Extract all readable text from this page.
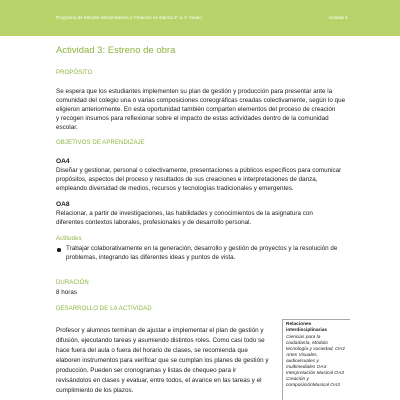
Programa de Estudio Interpretación y Creación en Danza 3° a 4° medio	Unidad 4
Actividad 3: Estreno de obra
PROPÓSITO
Se espera que los estudiantes implementen su plan de gestión y producción para presentar ante la
comunidad del colegio una o varias composiciones coreográficas creadas colectivamente, según lo que
eligieron anteriormente. En esta oportunidad también comparten elementos del proceso de creación
y recogen insumos para reflexionar sobre el impacto de estas actividades dentro de la comunidad
escolar.
OBJETIVOS DE APRENDIZAJE
OA4
Diseñar y gestionar, personal o colectivamente, presentaciones a públicos específicos para comunicar
propósitos, aspectos del proceso y resultados de sus creaciones e interpretaciones de danza,
empleando diversidad de medios, recursos y tecnologías tradicionales y emergentes.
OA8
Relacionar, a partir de investigaciones, las habilidades y conocimientos de la asignatura con
diferentes contextos laborales, profesionales y de desarrollo personal.
Actitudes
Trabajar colaborativamente en la generación, desarrollo y gestión de proyectos y la resolución de
problemas, integrando las diferentes ideas y puntos de vista.
DURACIÓN
8 horas
DESARROLLO DE LA ACTIVIDAD
Profesor y alumnos terminan de ajustar e implementar el plan de gestión y
difusión, ejecutando tareas y asumiendo distintos roles. Como casi todo se
hace fuera del aula o fuera del horario de clases, se recomienda que
elaboren instrumentos para verificar que se cumplan los planes de gestión y
producción. Pueden ser cronogramas y listas de chequeo para ir
revisándolos en clases y evaluar, entre todos, el avance en las tareas y el
cumplimiento de los plazos.
Relaciones
interdisciplinarias
Ciencias para la
ciudadanía, Módulo
tecnología y sociedad, OA3
Artes Visuales,
audiovisuales y
multimediales OA3
Interpretación Musical OA3
Creación y
composiciónMusical OA3
